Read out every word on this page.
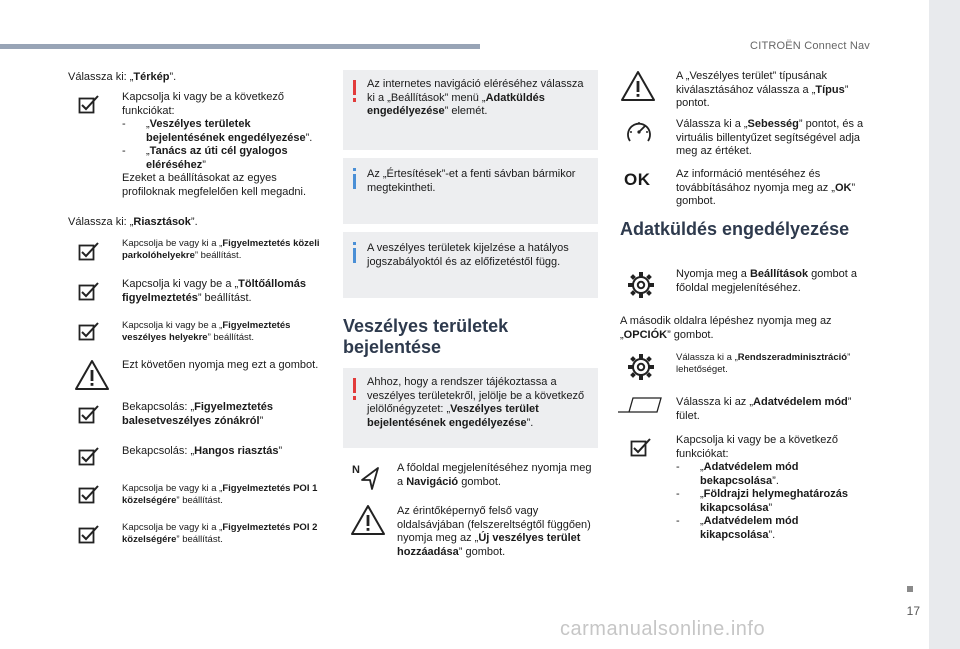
CITROËN Connect Nav
17
Válassza ki: „Térkép”.
Kapcsolja ki vagy be a következő funkciókat:
- „Veszélyes területek bejelentésének engedélyezése”.
- „Tanács az úti cél gyalogos eléréséhez”
Ezeket a beállításokat az egyes profiloknak megfelelően kell megadni.
Válassza ki: „Riasztások”.
Kapcsolja be vagy ki a „Figyelmeztetés közeli parkolóhelyekre” beállítást.
Kapcsolja ki vagy be a „Töltőállomás figyelmeztetés” beállítást.
Kapcsolja ki vagy be a „Figyelmeztetés veszélyes helyekre” beállítást.
Ezt követően nyomja meg ezt a gombot.
Bekapcsolás: „Figyelmeztetés balesetveszélyes zónákról”
Bekapcsolás: „Hangos riasztás”
Kapcsolja be vagy ki a „Figyelmeztetés POI 1 közelségére” beállítást.
Kapcsolja be vagy ki a „Figyelmeztetés POI 2 közelségére” beállítást.
Az internetes navigáció eléréséhez válassza ki a „Beállítások” menü „Adatküldés engedélyezése” elemét.
Az „Értesítések”-et a fenti sávban bármikor megtekintheti.
A veszélyes területek kijelzése a hatályos jogszabályoktól és az előfizetéstől függ.
Veszélyes területek bejelentése
Ahhoz, hogy a rendszer tájékoztassa a veszélyes területekről, jelölje be a következő jelölőnégyzetet: „Veszélyes terület bejelentésének engedélyezése”.
N	A főoldal megjelenítéséhez nyomja meg a Navigáció gombot.
Az érintőképernyő felső vagy oldalsávjában (felszereltségtől függően) nyomja meg az „Új veszélyes terület hozzáadása” gombot.
A „Veszélyes terület” típusának kiválasztásához válassza a „Típus” pontot.
Válassza ki a „Sebesség” pontot, és a virtuális billentyűzet segítségével adja meg az értéket.
OK Az információ mentéséhez és továbbításához nyomja meg az „OK” gombot.
Adatküldés engedélyezése
Nyomja meg a Beállítások gombot a főoldal megjelenítéséhez.
A második oldalra lépéshez nyomja meg az „OPCIÓK” gombot.
Válassza ki a „Rendszeradminisztráció” lehetőséget.
Válassza ki az „Adatvédelem mód” fület.
Kapcsolja ki vagy be a következő funkciókat:
- „Adatvédelem mód bekapcsolása”.
- „Földrajzi helymeghatározás kikapcsolása”
- „Adatvédelem mód kikapcsolása”.
carmanualsonline.info
